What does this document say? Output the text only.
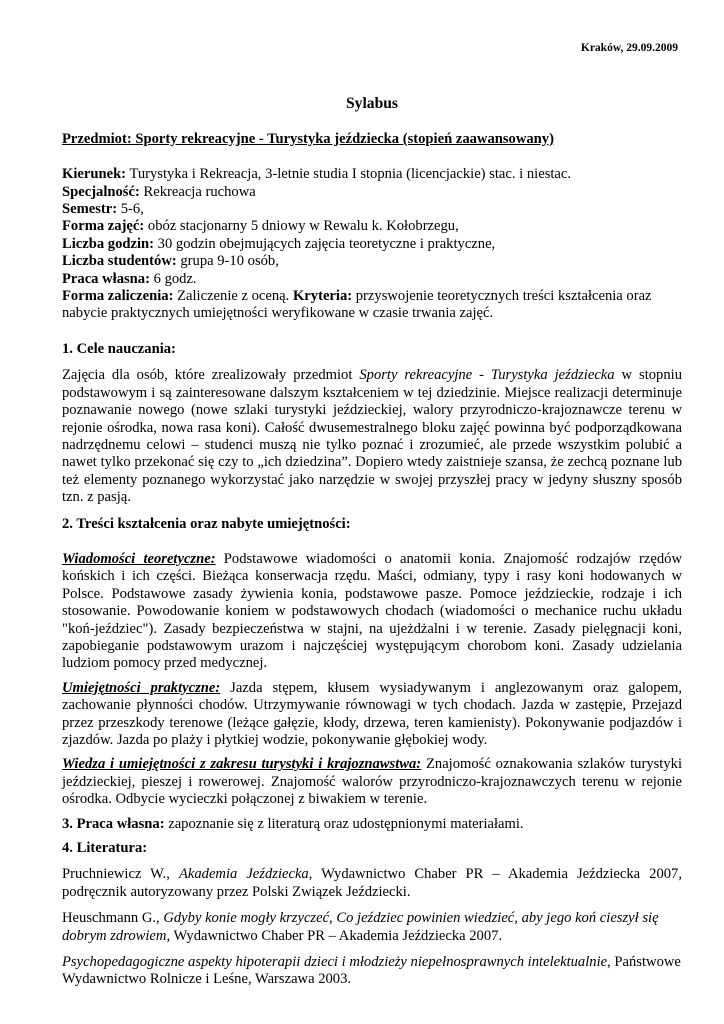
Kraków, 29.09.2009
Sylabus
Przedmiot: Sporty rekreacyjne - Turystyka jeździecka (stopień zaawansowany)
Kierunek: Turystyka i Rekreacja, 3-letnie studia I stopnia (licencjackie) stac. i niestac.
Specjalność: Rekreacja ruchowa
Semestr: 5-6,
Forma zajęć: obóz stacjonarny 5 dniowy w Rewalu k. Kołobrzegu,
Liczba godzin: 30 godzin obejmujących zajęcia teoretyczne i praktyczne,
Liczba studentów: grupa 9-10 osób,
Praca własna: 6 godz.
Forma zaliczenia: Zaliczenie z oceną. Kryteria: przyswojenie teoretycznych treści kształcenia oraz nabycie praktycznych umiejętności weryfikowane w czasie trwania zajęć.
1. Cele nauczania:
Zajęcia dla osób, które zrealizowały przedmiot Sporty rekreacyjne - Turystyka jeździecka w stopniu podstawowym i są zainteresowane dalszym kształceniem w tej dziedzinie. Miejsce realizacji determinuje poznawanie nowego (nowe szlaki turystyki jeździeckiej, walory przyrodniczo-krajoznawcze terenu w rejonie ośrodka, nowa rasa koni). Całość dwusemestralnego bloku zajęć powinna być podporządkowana nadrzędnemu celowi – studenci muszą nie tylko poznać i zrozumieć, ale przede wszystkim polubić a nawet tylko przekonać się czy to „ich dziedzina”. Dopiero wtedy zaistnieje szansa, że zechcą poznane lub też elementy poznanego wykorzystać jako narzędzie w swojej przyszłej pracy w jedyny słuszny sposób tzn. z pasją.
2. Treści kształcenia oraz nabyte umiejętności:
Wiadomości teoretyczne: Podstawowe wiadomości o anatomii konia. Znajomość rodzajów rzędów końskich i ich części. Bieżąca konserwacja rzędu. Maści, odmiany, typy i rasy koni hodowanych w Polsce. Podstawowe zasady żywienia konia, podstawowe pasze. Pomoce jeździeckie, rodzaje i ich stosowanie. Powodowanie koniem w podstawowych chodach (wiadomości o mechanice ruchu układu "koń-jeździec"). Zasady bezpieczeństwa w stajni, na ujeżdżalni i w terenie. Zasady pielęgnacji koni, zapobieganie podstawowym urazom i najczęściej występującym chorobom koni. Zasady udzielania ludziom pomocy przed medycznej.
Umiejętności praktyczne: Jazda stępem, kłusem wysiadywanym i anglezowanym oraz galopem, zachowanie płynności chodów. Utrzymywanie równowagi w tych chodach. Jazda w zastępie, Przejazd przez przeszkody terenowe (leżące gałęzie, kłody, drzewa, teren kamienisty). Pokonywanie podjazdów i zjazdów. Jazda po plaży i płytkiej wodzie, pokonywanie głębokiej wody.
Wiedza i umiejętności z zakresu turystyki i krajoznawstwa: Znajomość oznakowania szlaków turystyki jeździeckiej, pieszej i rowerowej. Znajomość walorów przyrodniczo-krajoznawczych terenu w rejonie ośrodka. Odbycie wycieczki połączonej z biwakiem w terenie.
3. Praca własna: zapoznanie się z literaturą oraz udostępnionymi materiałami.
4. Literatura:
Pruchniewicz W., Akademia Jeździecka, Wydawnictwo Chaber PR – Akademia Jeździecka 2007, podręcznik autoryzowany przez Polski Związek Jeździecki.
Heuschmann G., Gdyby konie mogły krzyczeć, Co jeździec powinien wiedzieć, aby jego koń cieszył się dobrym zdrowiem, Wydawnictwo Chaber PR – Akademia Jeździecka 2007.
Psychopedagogiczne aspekty hipoterapii dzieci i młodzieży niepełnosprawnych intelektualnie, Państwowe Wydawnictwo Rolnicze i Leśne, Warszawa 2003.
